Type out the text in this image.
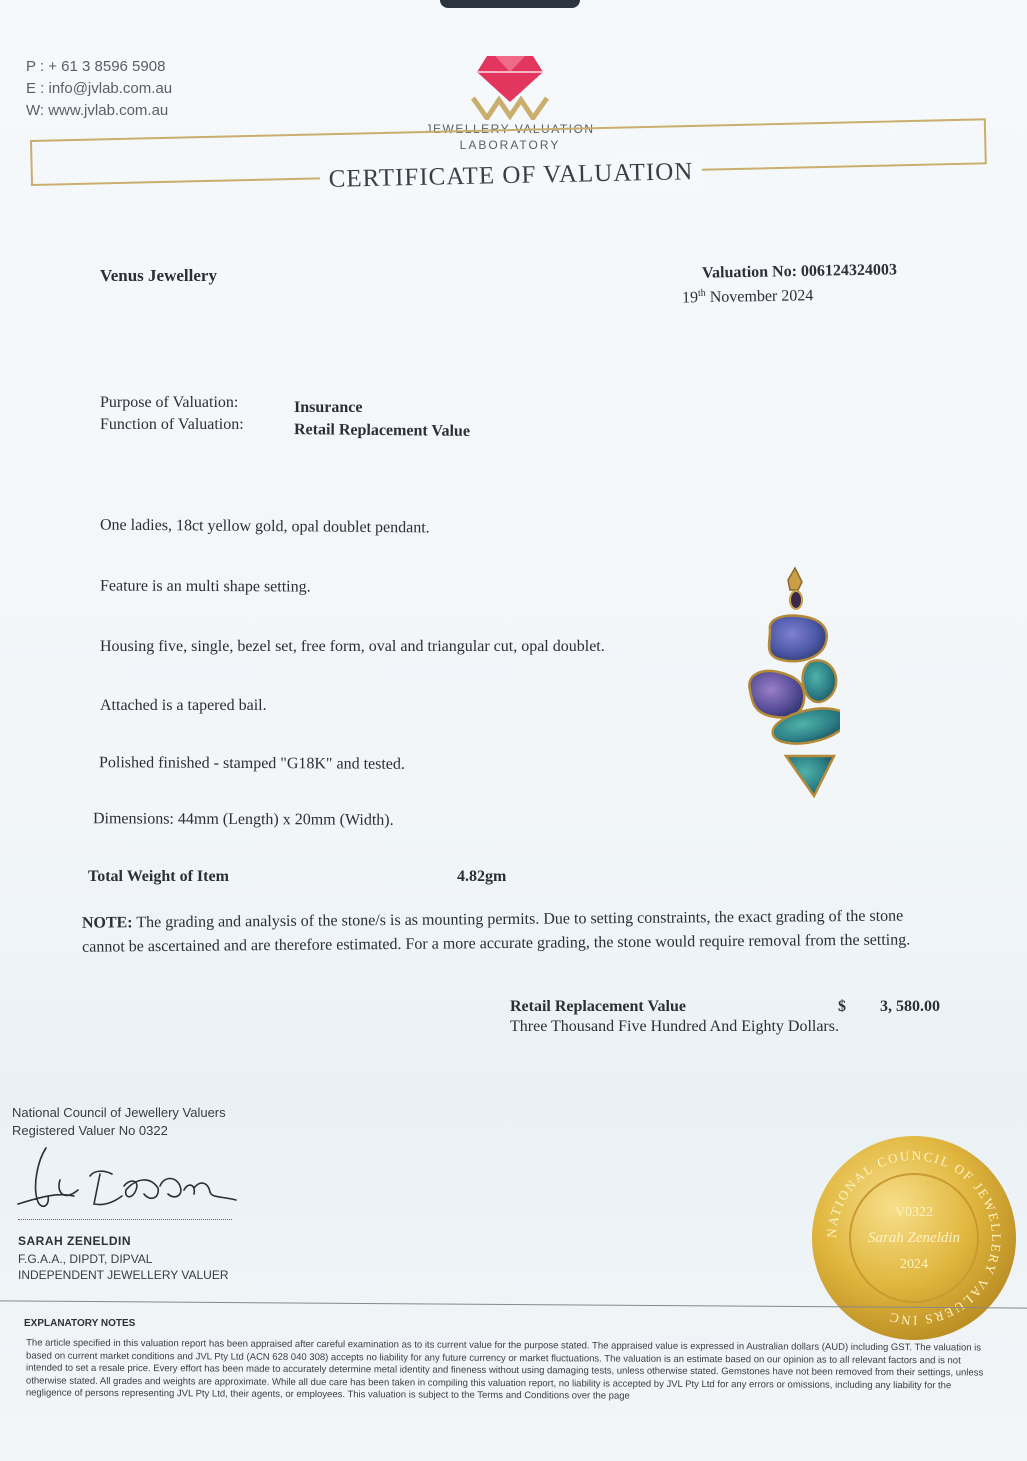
P : + 61 3 8596 5908
E : info@jvlab.com.au
W: www.jvlab.com.au
JEWELLERY VALUATION
LABORATORY
CERTIFICATE OF VALUATION
Venus Jewellery	Valuation No: 006124324003
19th November 2024
Purpose of Valuation:	Insurance
Function of Valuation:	Retail Replacement Value
One ladies, 18ct yellow gold, opal doublet pendant.
Feature is an multi shape setting.
Housing five, single, bezel set, free form, oval and triangular cut, opal doublet.
Attached is a tapered bail.
Polished finished - stamped "G18K" and tested.
Dimensions: 44mm (Length) x 20mm (Width).
Total Weight of Item	4.82gm
NOTE: The grading and analysis of the stone/s is as mounting permits. Due to setting constraints, the exact grading of the stone cannot be ascertained and are therefore estimated. For a more accurate grading, the stone would require removal from the setting.
Retail Replacement Value	$ 3, 580.00
Three Thousand Five Hundred And Eighty Dollars.
National Council of Jewellery Valuers
Registered Valuer No 0322
SARAH ZENELDIN
F.G.A.A., DIPDT, DIPVAL
INDEPENDENT JEWELLERY VALUER
NATIONAL COUNCIL OF JEWELLERY VALUERS INC
V0322
Sarah Zeneldin
2024
EXPLANATORY NOTES
The article specified in this valuation report has been appraised after careful examination as to its current value for the purpose stated. The appraised value is expressed in Australian dollars (AUD) including GST. The valuation is based on current market conditions and JVL Pty Ltd (ACN 628 040 308) accepts no liability for any future currency or market fluctuations. The valuation is an estimate based on our opinion as to all relevant factors and is not intended to set a resale price. Every effort has been made to accurately determine metal identity and fineness without using damaging tests, unless otherwise stated. Gemstones have not been removed from their settings, unless otherwise stated. All grades and weights are approximate. While all due care has been taken in compiling this valuation report, no liability is accepted by JVL Pty Ltd for any errors or omissions, including any liability for the negligence of persons representing JVL Pty Ltd, their agents, or employees. This valuation is subject to the Terms and Conditions over the page
